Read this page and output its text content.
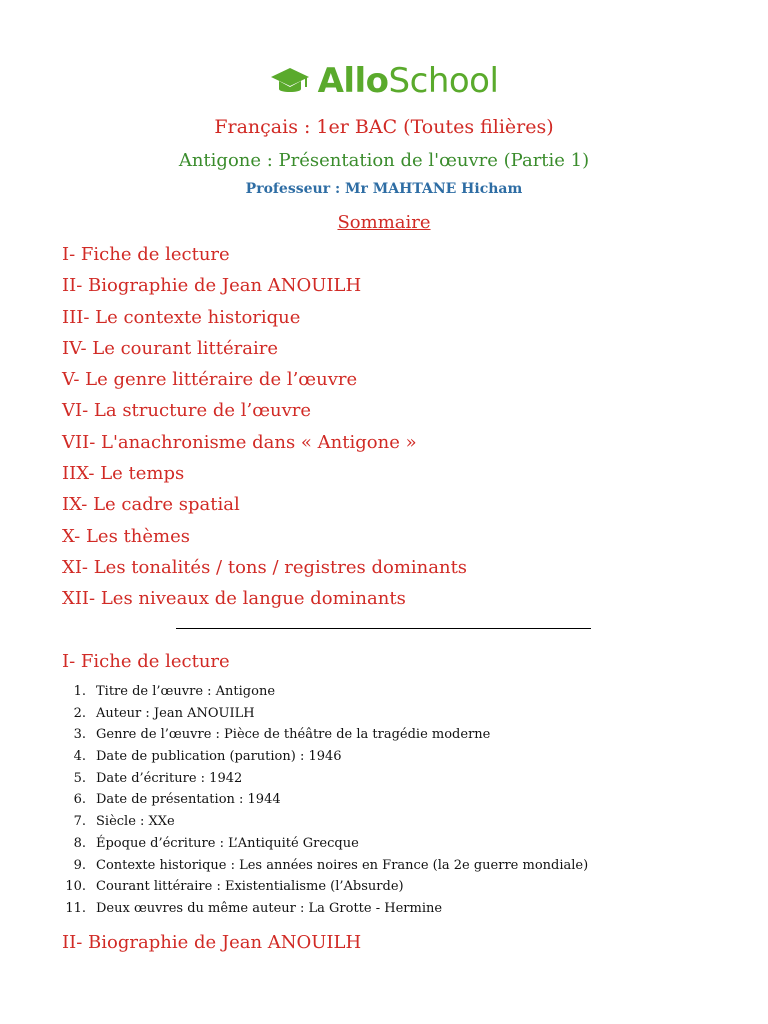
AlloSchool
Français : 1er BAC (Toutes filières)
Antigone : Présentation de l'œuvre (Partie 1)
Professeur : Mr MAHTANE Hicham
Sommaire
I- Fiche de lecture
II- Biographie de Jean ANOUILH
III- Le contexte historique
IV- Le courant littéraire
V- Le genre littéraire de l’œuvre
VI- La structure de l’œuvre
VII- L'anachronisme dans « Antigone »
IIX- Le temps
IX- Le cadre spatial
X- Les thèmes
XI- Les tonalités / tons / registres dominants
XII- Les niveaux de langue dominants
I- Fiche de lecture
1. Titre de l’œuvre : Antigone
2. Auteur : Jean ANOUILH
3. Genre de l’œuvre : Pièce de théâtre de la tragédie moderne
4. Date de publication (parution) : 1946
5. Date d’écriture : 1942
6. Date de présentation : 1944
7. Siècle : XXe
8. Époque d’écriture : L’Antiquité Grecque
9. Contexte historique : Les années noires en France (la 2e guerre mondiale)
10. Courant littéraire : Existentialisme (l’Absurde)
11. Deux œuvres du même auteur : La Grotte - Hermine
II- Biographie de Jean ANOUILH
